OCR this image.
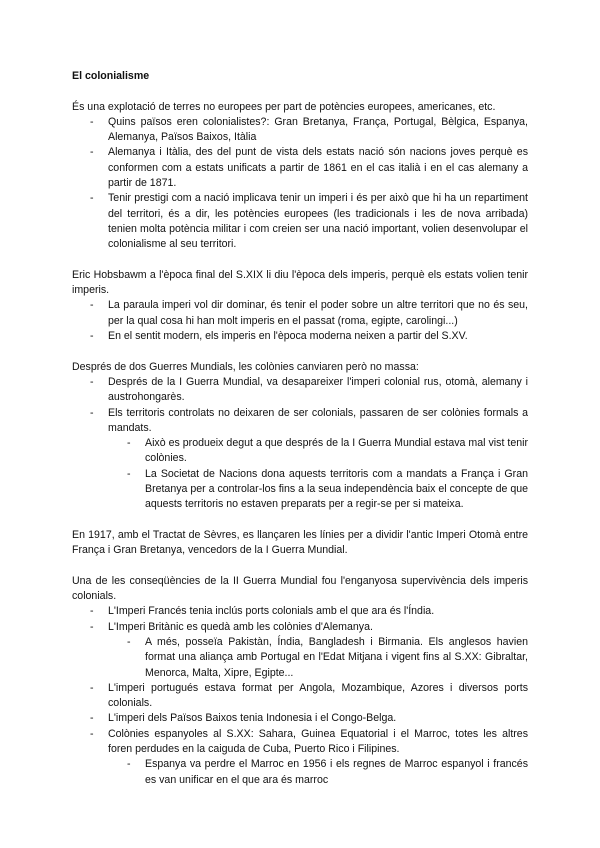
El colonialisme

És una explotació de terres no europees per part de potències europees, americanes, etc.

- Quins països eren colonialistes?: Gran Bretanya, França, Portugal, Bèlgica, Espanya, Alemanya, Països Baixos, Itàlia
- Alemanya i Itàlia, des del punt de vista dels estats nació són nacions joves perquè es conformen com a estats unificats a partir de 1861 en el cas italià i en el cas alemany a partir de 1871.
- Tenir prestigi com a nació implicava tenir un imperi i és per això que hi ha un repartiment del territori, és a dir, les potències europees (les tradicionals i les de nova arribada) tenien molta potència militar i com creien ser una nació important, volien desenvolupar el colonialisme al seu territori.

Eric Hobsbawm a l'època final del S.XIX li diu l'època dels imperis, perquè els estats volien tenir imperis.

- La paraula imperi vol dir dominar, és tenir el poder sobre un altre territori que no és seu, per la qual cosa hi han molt imperis en el passat (roma, egipte, carolingi...)
- En el sentit modern, els imperis en l'època moderna neixen a partir del S.XV.

Després de dos Guerres Mundials, les colònies canviaren però no massa:

- Després de la I Guerra Mundial, va desapareixer l'imperi colonial rus, otomà, alemany i austrohongarès.
- Els territoris controlats no deixaren de ser colonials, passaren de ser colònies formals a mandats.
- Això es produeix degut a que després de la I Guerra Mundial estava mal vist tenir colònies.
- La Societat de Nacions dona aquests territoris com a mandats a França i Gran Bretanya per a controlar-los fins a la seua independència baix el concepte de que aquests territoris no estaven preparats per a regir-se per si mateixa.

En 1917, amb el Tractat de Sèvres, es llançaren les línies per a dividir l'antic Imperi Otomà entre França i Gran Bretanya, vencedors de la I Guerra Mundial.

Una de les conseqüències de la II Guerra Mundial fou l'enganyosa supervivència dels imperis colonials.

- L'Imperi Francés tenia inclús ports colonials amb el que ara és l'Índia.
- L'Imperi Britànic es quedà amb les colònies d'Alemanya.
- A més, posseïa Pakistàn, Índia, Bangladesh i Birmania. Els anglesos havien format una aliança amb Portugal en l'Edat Mitjana i vigent fins al S.XX: Gibraltar, Menorca, Malta, Xipre, Egipte...
- L'imperi portugués estava format per Angola, Mozambique, Azores i diversos ports colonials.
- L'imperi dels Països Baixos tenia Indonesia i el Congo-Belga.
- Colònies espanyoles al S.XX: Sahara, Guinea Equatorial i el Marroc, totes les altres foren perdudes en la caiguda de Cuba, Puerto Rico i Filipines.
- Espanya va perdre el Marroc en 1956 i els regnes de Marroc espanyol i francés es van unificar en el que ara és marroc
